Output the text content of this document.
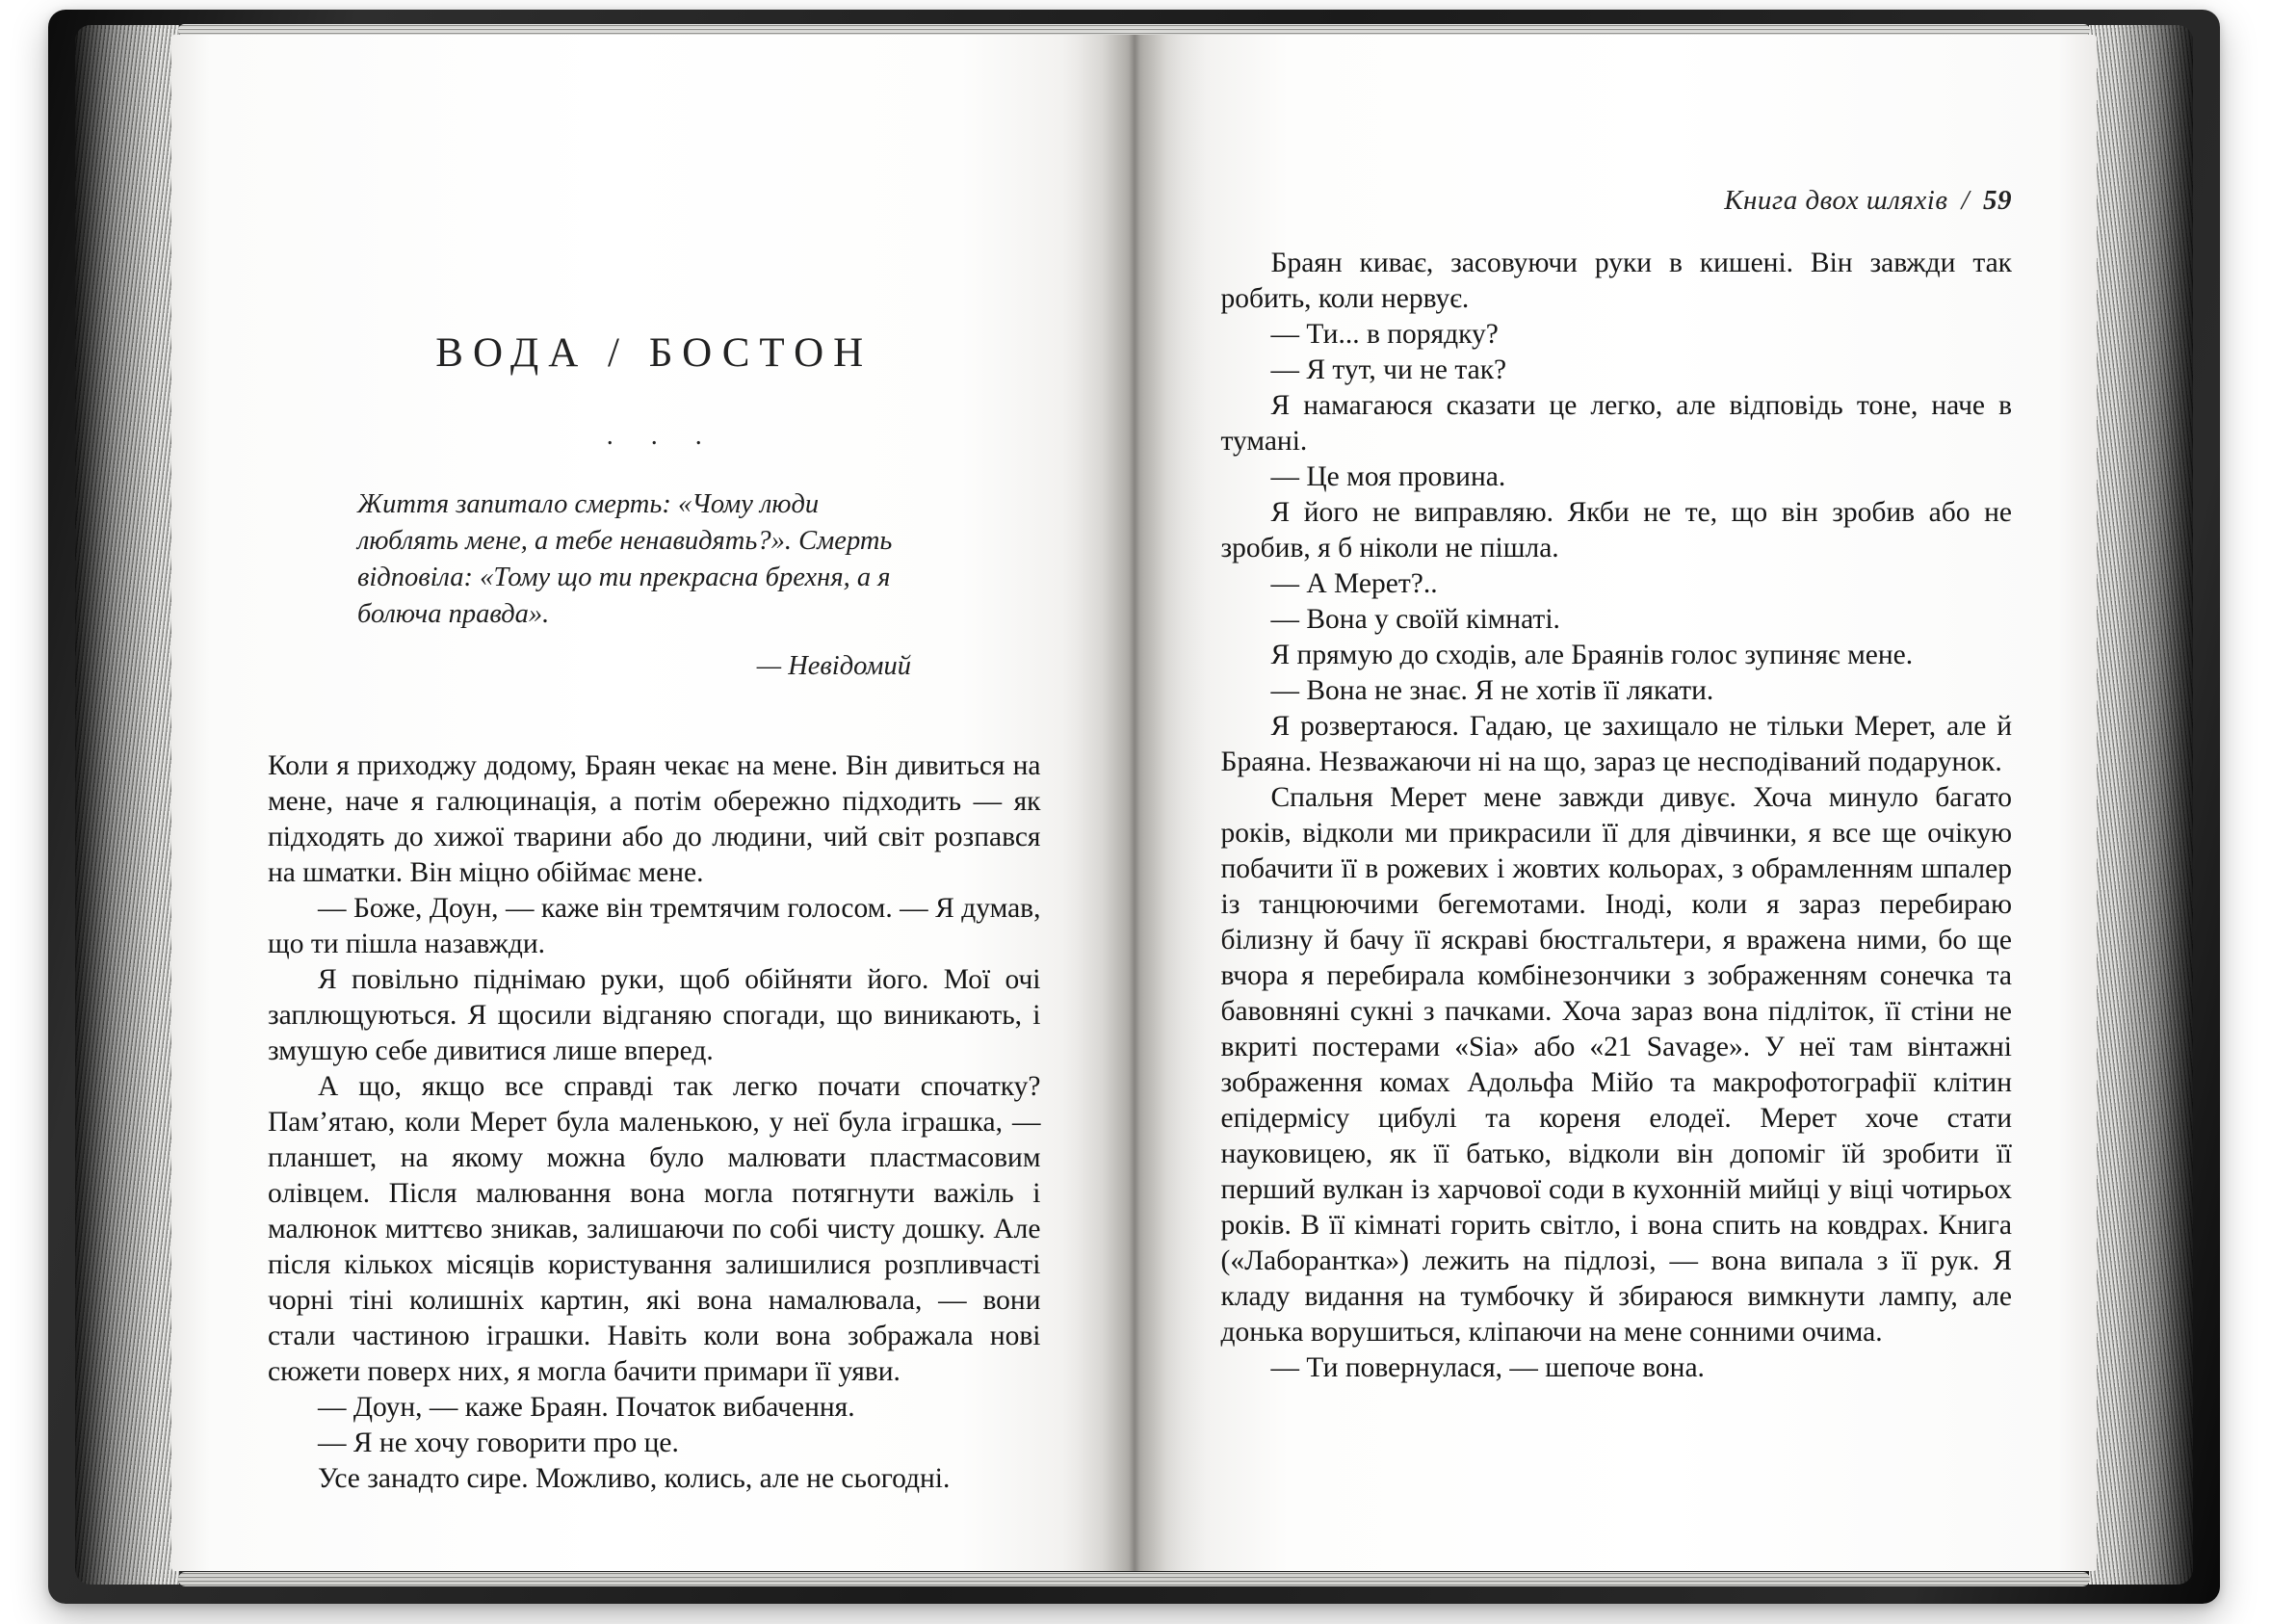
ВОДА / БОСТОН
. . .

Життя запитало смерть: «Чому люди люблять мене, а тебе ненавидять?». Смерть відповіла: «Тому що ти прекрасна брехня, а я болюча правда».

— Невідомий

Коли я приходжу додому, Браян чекає на мене. Він дивиться на мене, наче я галюцинація, а потім обережно підходить — як підходять до хижої тварини або до людини, чий світ розпався на шматки. Він міцно обіймає мене.

— Боже, Доун, — каже він тремтячим голосом. — Я думав, що ти пішла назавжди.

Я повільно піднімаю руки, щоб обійняти його. Мої очі заплющуються. Я щосили відганяю спогади, що виникають, і змушую себе дивитися лише вперед.

А що, якщо все справді так легко почати спочатку? Пам’ятаю, коли Мерет була маленькою, у неї була іграшка, — планшет, на якому можна було малювати пластмасовим олівцем. Після малювання вона могла потягнути важіль і малюнок миттєво зникав, залишаючи по собі чисту дошку. Але після кількох місяців користування залишилися розпливчасті чорні тіні колишніх картин, які вона намалювала, — вони стали частиною іграшки. Навіть коли вона зображала нові сюжети поверх них, я могла бачити примари її уяви.

— Доун, — каже Браян. Початок вибачення.

— Я не хочу говорити про це.

Усе занадто сире. Можливо, колись, але не сьогодні.

Книга двох шляхів / 59

Браян киває, засовуючи руки в кишені. Він завжди так робить, коли нервує.

— Ти... в порядку?

— Я тут, чи не так?

Я намагаюся сказати це легко, але відповідь тоне, наче в тумані.

— Це моя провина.

Я його не виправляю. Якби не те, що він зробив або не зробив, я б ніколи не пішла.

— А Мерет?..

— Вона у своїй кімнаті.

Я прямую до сходів, але Браянів голос зупиняє мене.

— Вона не знає. Я не хотів її лякати.

Я розвертаюся. Гадаю, це захищало не тільки Мерет, але й Браяна. Незважаючи ні на що, зараз це несподіваний подарунок.

Спальня Мерет мене завжди дивує. Хоча минуло багато років, відколи ми прикрасили її для дівчинки, я все ще очікую побачити її в рожевих і жовтих кольорах, з обрамленням шпалер із танцюючими бегемотами. Іноді, коли я зараз перебираю білизну й бачу її яскраві бюстгальтери, я вражена ними, бо ще вчора я перебирала комбінезончики з зображенням сонечка та бавовняні сукні з пачками. Хоча зараз вона підліток, її стіни не вкриті постерами «Sia» або «21 Savage». У неї там вінтажні зображення комах Адольфа Мійо та макрофотографії клітин епідермісу цибулі та кореня елодеї. Мерет хоче стати науковицею, як її батько, відколи він допоміг їй зробити її перший вулкан із харчової соди в кухонній мийці у віці чотирьох років. В її кімнаті горить світло, і вона спить на ковдрах. Книга («Лаборантка») лежить на підлозі, — вона випала з її рук. Я кладу видання на тумбочку й збираюся вимкнути лампу, але донька ворушиться, кліпаючи на мене сонними очима.

— Ти повернулася, — шепоче вона.
